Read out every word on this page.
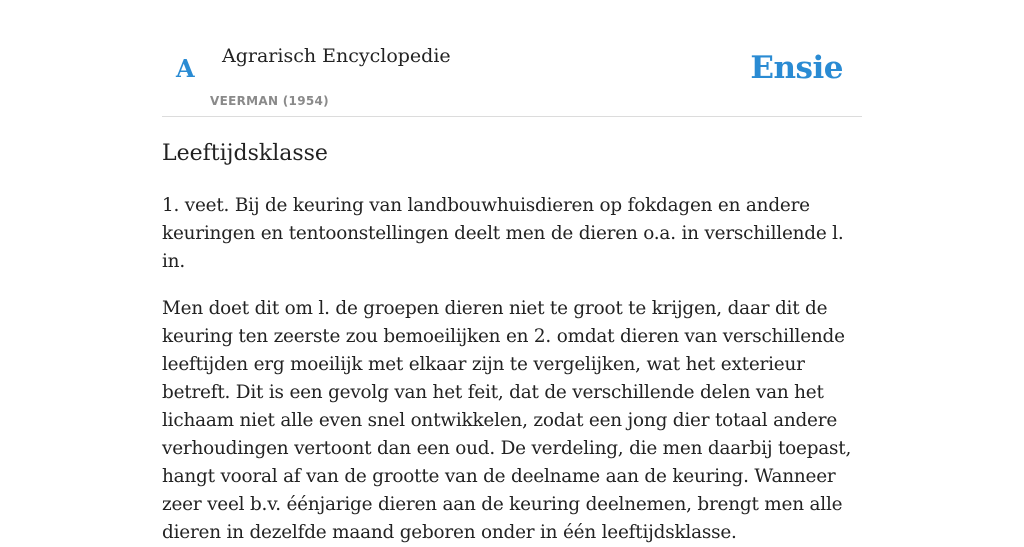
A Agrarisch Encyclopedie
VEERMAN (1954)
Ensie
Leeftijdsklasse

1. veet. Bij de keuring van landbouwhuisdieren op fokdagen en andere keuringen en tentoonstellingen deelt men de dieren o.a. in verschillende l. in.

Men doet dit om l. de groepen dieren niet te groot te krijgen, daar dit de keuring ten zeerste zou bemoeilijken en 2. omdat dieren van verschillende leeftijden erg moeilijk met elkaar zijn te vergelijken, wat het exterieur betreft. Dit is een gevolg van het feit, dat de verschillende delen van het lichaam niet alle even snel ontwikkelen, zodat een jong dier totaal andere verhoudingen vertoont dan een oud. De verdeling, die men daarbij toepast, hangt vooral af van de grootte van de deelname aan de keuring. Wanneer zeer veel b.v. éénjarige dieren aan de keuring deelnemen, brengt men alle dieren in dezelfde maand geboren onder in één leeftijdsklasse.
